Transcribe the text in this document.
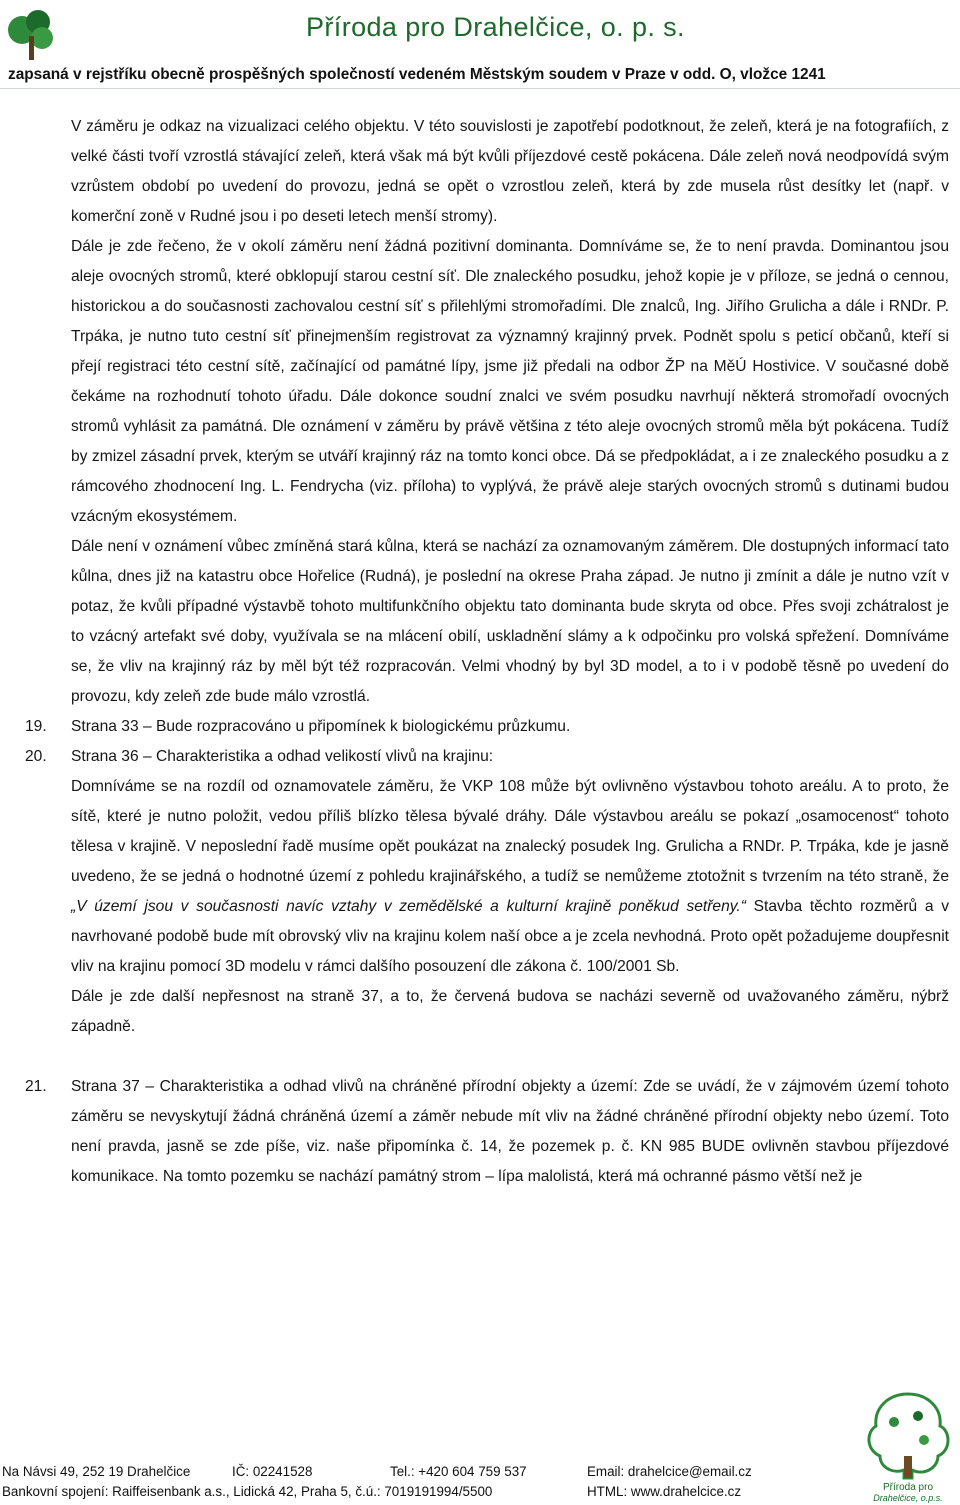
Příroda pro Drahelčice, o. p. s.
zapsaná v rejstříku obecně prospěšných společností vedeném Městským soudem v Praze v odd. O, vložce 1241

V záměru je odkaz na vizualizaci celého objektu. V této souvislosti je zapotřebí podotknout, že zeleň, která je na fotografiích, z velké části tvoří vzrostlá stávající zeleň, která však má být kvůli příjezdové cestě pokácena. Dále zeleň nová neodpovídá svým vzrůstem období po uvedení do provozu, jedná se opět o vzrostlou zeleň, která by zde musela růst desítky let (např. v komerční zoně v Rudné jsou i po deseti letech menší stromy).

Dále je zde řečeno, že v okolí záměru není žádná pozitivní dominanta. Domníváme se, že to není pravda. Dominantou jsou aleje ovocných stromů, které obklopují starou cestní síť. Dle znaleckého posudku, jehož kopie je v příloze, se jedná o cennou, historickou a do současnosti zachovalou cestní síť s přilehlými stromořadími. Dle znalců, Ing. Jiřího Grulicha a dále i RNDr. P. Trpáka, je nutno tuto cestní síť přinejmenším registrovat za významný krajinný prvek. Podnět spolu s peticí občanů, kteří si přejí registraci této cestní sítě, začínající od památné lípy, jsme již předali na odbor ŽP na MěÚ Hostivice. V současné době čekáme na rozhodnutí tohoto úřadu. Dále dokonce soudní znalci ve svém posudku navrhují některá stromořadí ovocných stromů vyhlásit za památná. Dle oznámení v záměru by právě většina z této aleje ovocných stromů měla být pokácena. Tudíž by zmizel zásadní prvek, kterým se utváří krajinný ráz na tomto konci obce. Dá se předpokládat, a i ze znaleckého posudku a z rámcového zhodnocení Ing. L. Fendrycha (viz. příloha) to vyplývá, že právě aleje starých ovocných stromů s dutinami budou vzácným ekosystémem.

Dále není v oznámení vůbec zmíněná stará kůlna, která se nachází za oznamovaným záměrem. Dle dostupných informací tato kůlna, dnes již na katastru obce Hořelice (Rudná), je poslední na okrese Praha západ. Je nutno ji zmínit a dále je nutno vzít v potaz, že kvůli případné výstavbě tohoto multifunkčního objektu tato dominanta bude skryta od obce. Přes svoji zchátralost je to vzácný artefakt své doby, využívala se na mlácení obilí, uskladnění slámy a k odpočinku pro volská spřežení. Domníváme se, že vliv na krajinný ráz by měl být též rozpracován. Velmi vhodný by byl 3D model, a to i v podobě těsně po uvedení do provozu, kdy zeleň zde bude málo vzrostlá.

19.	Strana 33 – Bude rozpracováno u připomínek k biologickému průzkumu.

20.	Strana 36 – Charakteristika a odhad velikostí vlivů na krajinu:

Domníváme se na rozdíl od oznamovatele záměru, že VKP 108 může být ovlivněno výstavbou tohoto areálu. A to proto, že sítě, které je nutno položit, vedou příliš blízko tělesa bývalé dráhy. Dále výstavbou areálu se pokazí „osamocenost“ tohoto tělesa v krajině. V neposlední řadě musíme opět poukázat na znalecký posudek Ing. Grulicha a RNDr. P. Trpáka, kde je jasně uvedeno, že se jedná o hodnotné území z pohledu krajinářského, a tudíž se nemůžeme ztotožnit s tvrzením na této straně, že „V území jsou v současnosti navíc vztahy v zemědělské a kulturní krajině poněkud setřeny.“ Stavba těchto rozměrů a v navrhované podobě bude mít obrovský vliv na krajinu kolem naší obce a je zcela nevhodná. Proto opět požadujeme doupřesnit vliv na krajinu pomocí 3D modelu v rámci dalšího posouzení dle zákona č. 100/2001 Sb.

Dále je zde další nepřesnost na straně 37, a to, že červená budova se nacházi severně od uvažovaného záměru, nýbrž západně.

21.	Strana 37 – Charakteristika a odhad vlivů na chráněné přírodní objekty a území: Zde se uvádí, že v zájmovém území tohoto záměru se nevyskytují žádná chráněná území a záměr nebude mít vliv na žádné chráněné přírodní objekty nebo území. Toto není pravda, jasně se zde píše, viz. naše připomínka č. 14, že pozemek p. č. KN 985 BUDE ovlivněn stavbou příjezdové komunikace. Na tomto pozemku se nachází památný strom – lípa malolistá, která má ochranné pásmo větší než je

Příroda pro
Drahelčice, o.p.s.
Na Návsi 49, 252 19 Drahelčice	IČ: 02241528	Tel.: +420 604 759 537	Email: drahelcice@email.cz
Bankovní spojení: Raiffeisenbank a.s., Lidická 42, Praha 5, č.ú.: 7019191994/5500	HTML: www.drahelcice.cz
